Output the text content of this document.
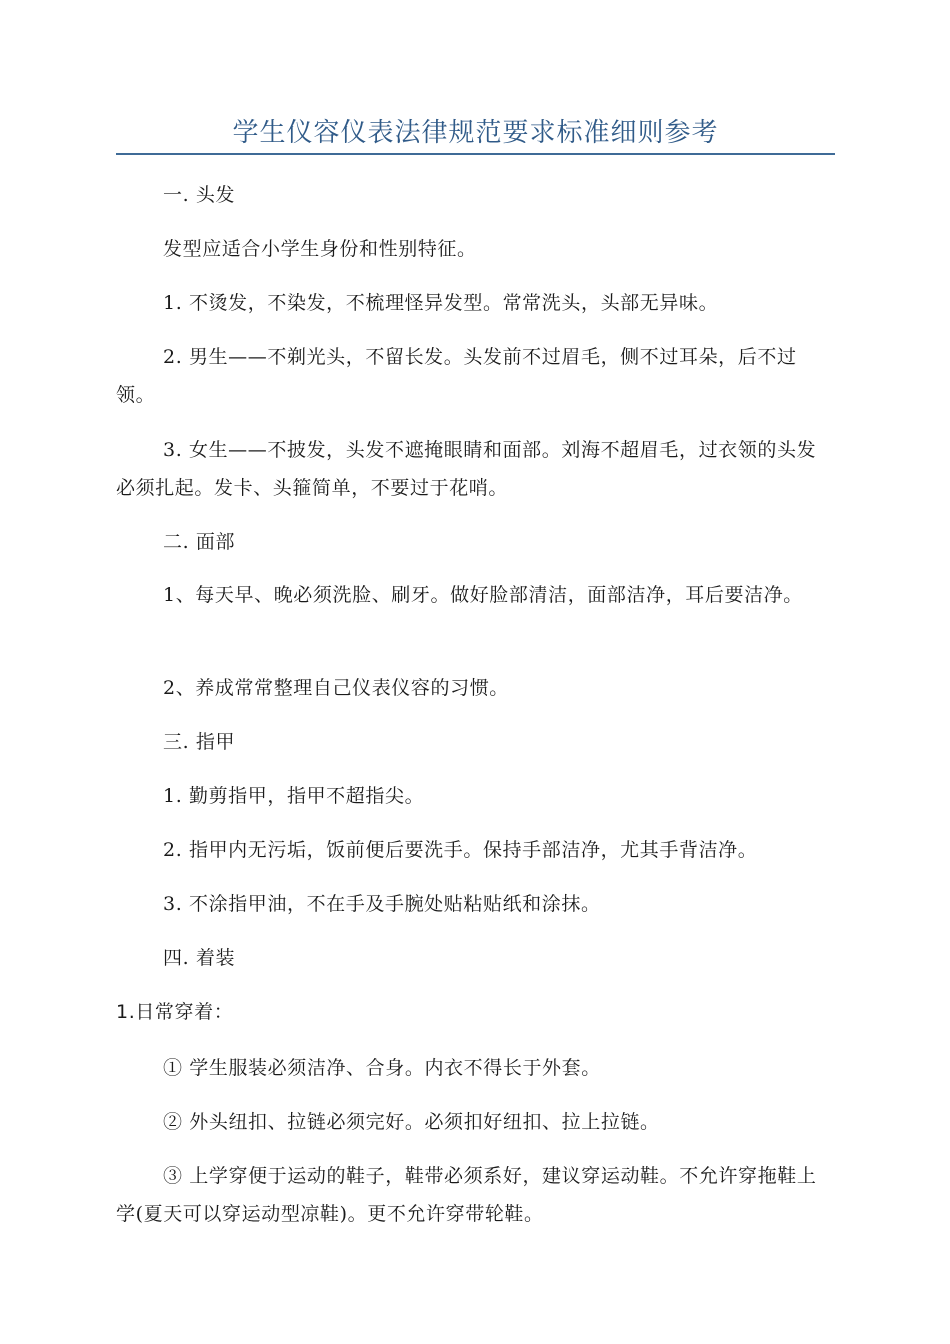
学生仪容仪表法律规范要求标准细则参考

一. 头发

发型应适合小学生身份和性别特征。

1. 不烫发，不染发，不梳理怪异发型。常常洗头，头部无异味。

2. 男生——不剃光头，不留长发。头发前不过眉毛，侧不过耳朵，后不过领。

3. 女生——不披发，头发不遮掩眼睛和面部。刘海不超眉毛，过衣领的头发必须扎起。发卡、头箍简单，不要过于花哨。

二. 面部

1、每天早、晚必须洗脸、刷牙。做好脸部清洁，面部洁净，耳后要洁净。

2、养成常常整理自己仪表仪容的习惯。

三. 指甲

1. 勤剪指甲，指甲不超指尖。

2. 指甲内无污垢，饭前便后要洗手。保持手部洁净，尤其手背洁净。

3. 不涂指甲油，不在手及手腕处贴粘贴纸和涂抹。

四. 着装

1.日常穿着：

① 学生服装必须洁净、合身。内衣不得长于外套。

② 外头纽扣、拉链必须完好。必须扣好纽扣、拉上拉链。

③ 上学穿便于运动的鞋子，鞋带必须系好，建议穿运动鞋。不允许穿拖鞋上学(夏天可以穿运动型凉鞋)。更不允许穿带轮鞋。
